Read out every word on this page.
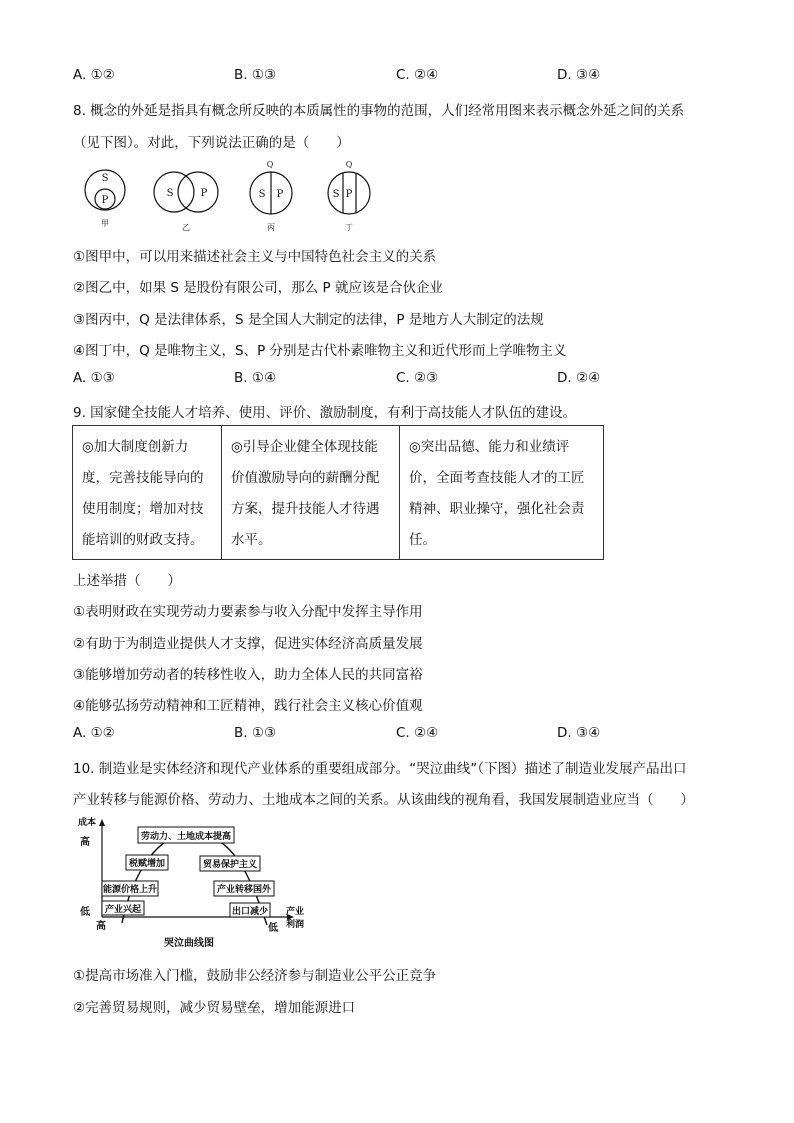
A. ①②	B. ①③	C. ②④	D. ③④
8. 概念的外延是指具有概念所反映的本质属性的事物的范围，人们经常用图来表示概念外延之间的关系
（见下图）。对此，下列说法正确的是（　　）
S
P
甲
S	P
乙
Q
S P
丙
Q
S P
丁
①图甲中，可以用来描述社会主义与中国特色社会主义的关系
②图乙中，如果 S 是股份有限公司，那么 P 就应该是合伙企业
③图丙中，Q 是法律体系，S 是全国人大制定的法律，P 是地方人大制定的法规
④图丁中，Q 是唯物主义，S、P 分别是古代朴素唯物主义和近代形而上学唯物主义
A. ①③	B. ①④	C. ②③	D. ②④
9. 国家健全技能人才培养、使用、评价、激励制度，有利于高技能人才队伍的建设。
◎加大制度创新力
度，完善技能导向的
使用制度；增加对技
能培训的财政支持。

◎引导企业健全体现技能
价值激励导向的薪酬分配
方案，提升技能人才待遇
水平。

◎突出品德、能力和业绩评
价，全面考查技能人才的工匠
精神、职业操守，强化社会责
任。
上述举措（　　）
①表明财政在实现劳动力要素参与收入分配中发挥主导作用
②有助于为制造业提供人才支撑，促进实体经济高质量发展
③能够增加劳动者的转移性收入，助力全体人民的共同富裕
④能够弘扬劳动精神和工匠精神，践行社会主义核心价值观
A. ①②	B. ①③	C. ②④	D. ③④
10. 制造业是实体经济和现代产业体系的重要组成部分。“哭泣曲线”（下图）描述了制造业发展产品出口
产业转移与能源价格、劳动力、土地成本之间的关系。从该曲线的视角看，我国发展制造业应当（　　）
成本
高
低	产业
利润
高	低
劳动力、土地成本提高
税赋增加	贸易保护主义
能源价格上升	产业转移国外
产业兴起	出口减少
哭泣曲线图
①提高市场准入门槛，鼓励非公经济参与制造业公平公正竞争
②完善贸易规则，减少贸易壁垒，增加能源进口
